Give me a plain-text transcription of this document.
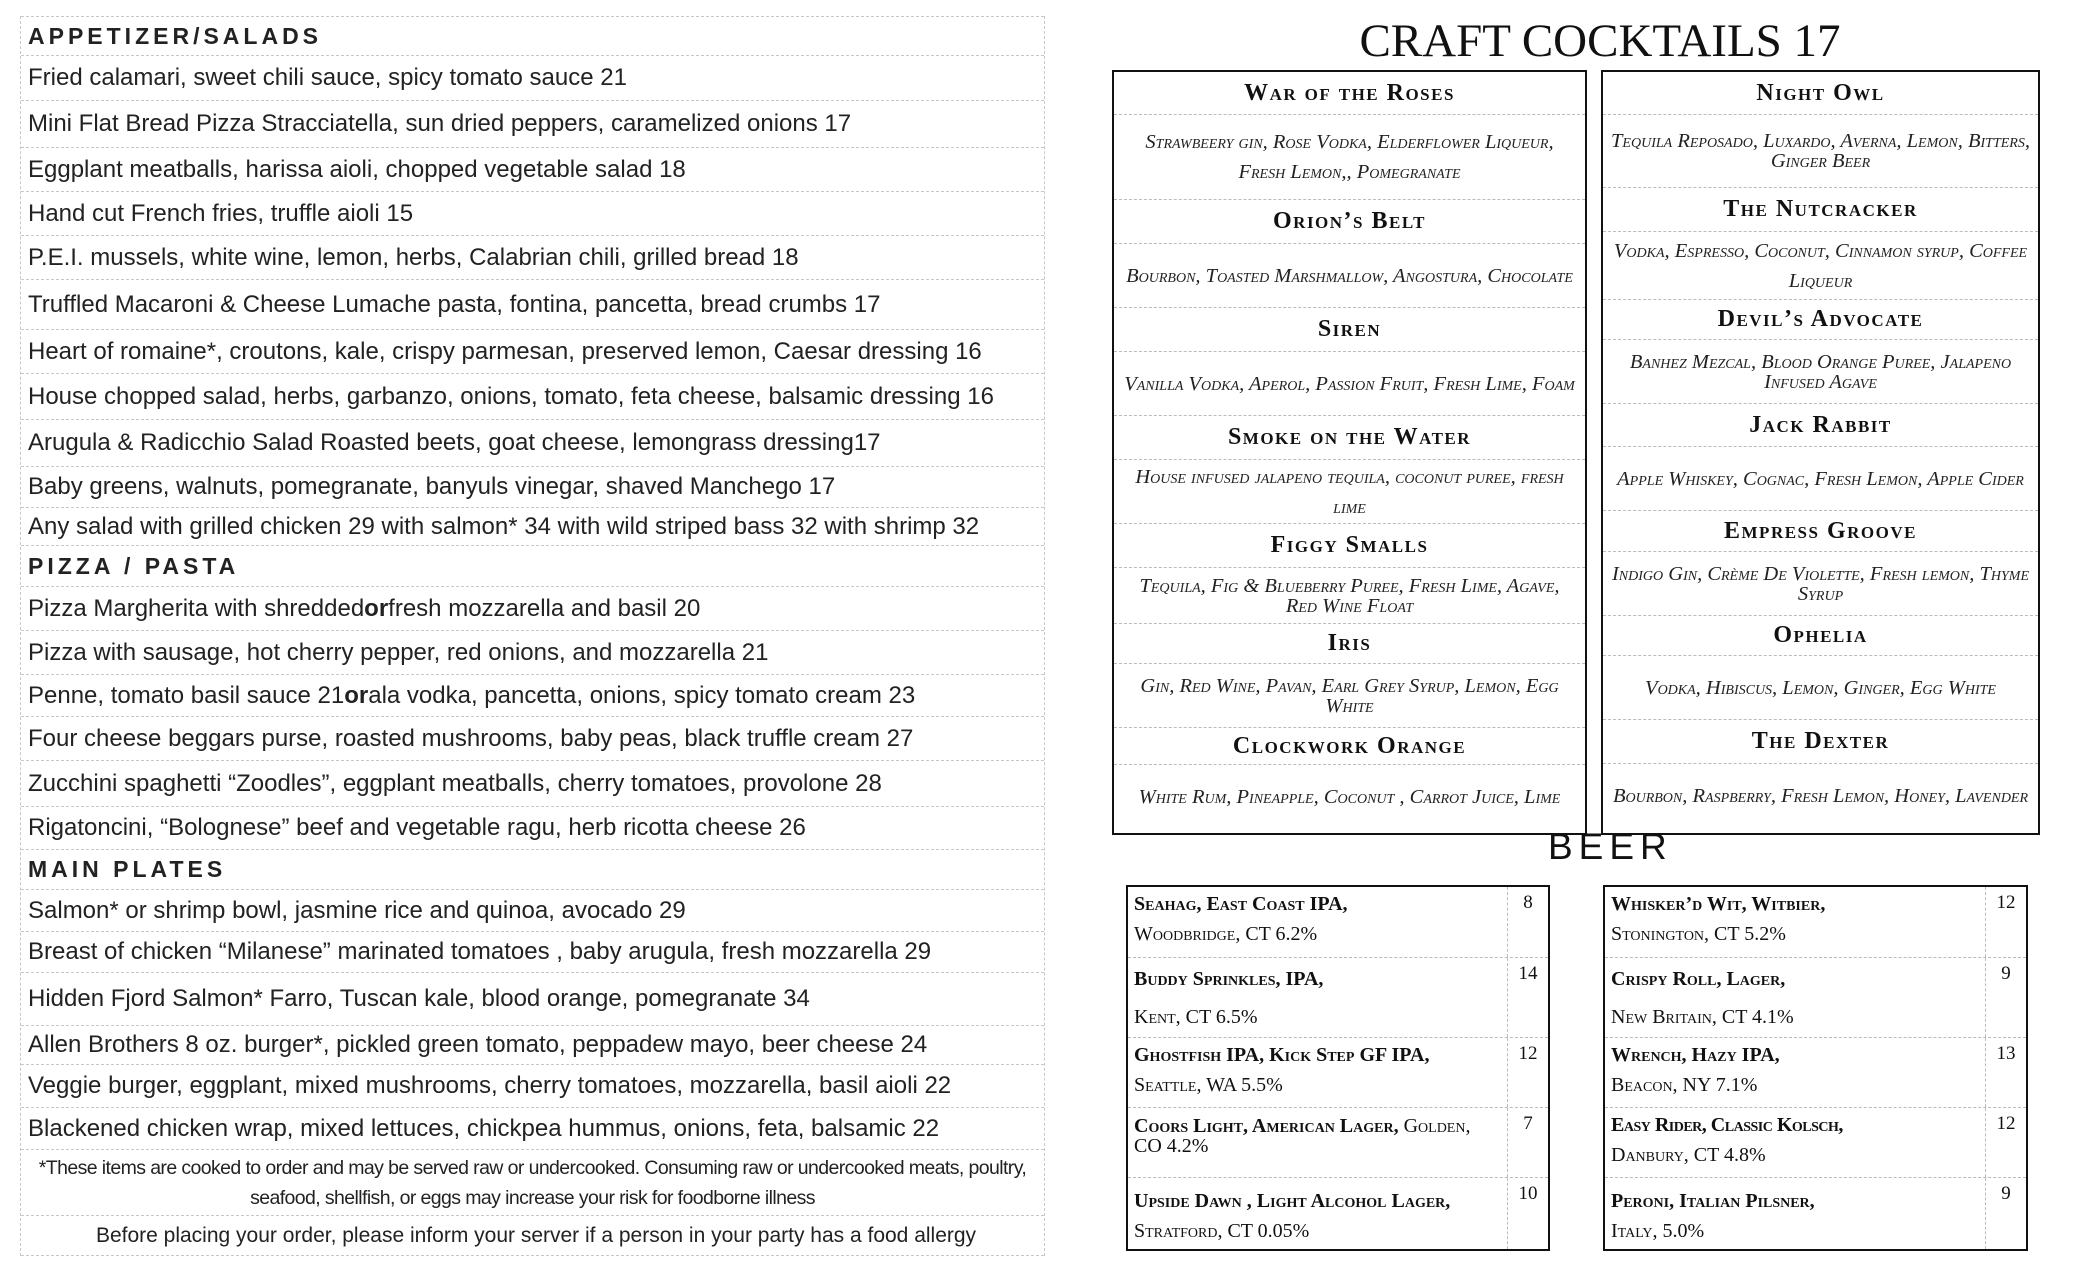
APPETIZER/SALADS
Fried calamari, sweet chili sauce, spicy tomato sauce 21
Mini Flat Bread Pizza Stracciatella, sun dried peppers, caramelized onions 17
Eggplant meatballs, harissa aioli, chopped vegetable salad 18
Hand cut French fries, truffle aioli 15
P.E.I. mussels, white wine, lemon, herbs, Calabrian chili, grilled bread 18
Truffled Macaroni & Cheese Lumache pasta, fontina, pancetta, bread crumbs 17
Heart of romaine*, croutons, kale, crispy parmesan, preserved lemon, Caesar dressing 16
House chopped salad, herbs, garbanzo, onions, tomato, feta cheese, balsamic dressing 16
Arugula & Radicchio Salad Roasted beets, goat cheese, lemongrass dressing17
Baby greens, walnuts, pomegranate, banyuls vinegar, shaved Manchego 17
Any salad with grilled chicken 29 with salmon* 34 with wild striped bass 32 with shrimp 32
PIZZA / PASTA
Pizza Margherita with shredded or fresh mozzarella and basil 20
Pizza with sausage, hot cherry pepper, red onions, and mozzarella 21
Penne, tomato basil sauce 21 or ala vodka, pancetta, onions, spicy tomato cream 23
Four cheese beggars purse, roasted mushrooms, baby peas, black truffle cream 27
Zucchini spaghetti “Zoodles”, eggplant meatballs, cherry tomatoes, provolone 28
Rigatoncini, “Bolognese” beef and vegetable ragu, herb ricotta cheese 26
MAIN PLATES
Salmon* or shrimp bowl, jasmine rice and quinoa, avocado 29
Breast of chicken “Milanese” marinated tomatoes , baby arugula, fresh mozzarella 29
Hidden Fjord Salmon* Farro, Tuscan kale, blood orange, pomegranate 34
Allen Brothers 8 oz. burger*, pickled green tomato, peppadew mayo, beer cheese 24
Veggie burger, eggplant, mixed mushrooms, cherry tomatoes, mozzarella, basil aioli 22
Blackened chicken wrap, mixed lettuces, chickpea hummus, onions, feta, balsamic 22
*These items are cooked to order and may be served raw or undercooked. Consuming raw or undercooked meats, poultry, seafood, shellfish, or eggs may increase your risk for foodborne illness
Before placing your order, please inform your server if a person in your party has a food allergy
CRAFT COCKTAILS 17
War of the Roses
Strawbeery gin, Rose Vodka, Elderflower Liqueur, Fresh Lemon,, Pomegranate
Orion’s Belt
Bourbon, Toasted Marshmallow, Angostura, Chocolate
Siren
Vanilla Vodka, Aperol, Passion Fruit, Fresh Lime, Foam
Smoke on the Water
House infused jalapeno tequila, coconut puree, fresh lime
Figgy Smalls
Tequila, Fig & Blueberry Puree, Fresh Lime, Agave, Red Wine Float
Iris
Gin, Red Wine, Pavan, Earl Grey Syrup, Lemon, Egg White
Clockwork Orange
White Rum, Pineapple, Coconut , Carrot Juice, Lime
Night Owl
Tequila Reposado, Luxardo, Averna, Lemon, Bitters, Ginger Beer
The Nutcracker
Vodka, Espresso, Coconut, Cinnamon syrup, Coffee Liqueur
Devil’s Advocate
Banhez Mezcal, Blood Orange Puree, Jalapeno Infused Agave
Jack Rabbit
Apple Whiskey, Cognac, Fresh Lemon, Apple Cider
Empress Groove
Indigo Gin, Crème De Violette, Fresh lemon, Thyme Syrup
Ophelia
Vodka, Hibiscus, Lemon, Ginger, Egg White
The Dexter
Bourbon, Raspberry, Fresh Lemon, Honey, Lavender
BEER
Seahag, East Coast IPA,
Woodbridge, CT 6.2%
8
Buddy Sprinkles, IPA,
Kent, CT 6.5%
14
Ghostfish IPA, Kick Step GF IPA,
Seattle, WA 5.5%
12
Coors Light, American Lager, Golden, CO 4.2%
7
Upside Dawn , Light Alcohol Lager,
Stratford, CT 0.05%
10
Whisker’d Wit, Witbier,
Stonington, CT 5.2%
12
Crispy Roll, Lager,
New Britain, CT 4.1%
9
Wrench, Hazy IPA,
Beacon, NY 7.1%
13
Easy Rider, Classic Kolsch,
Danbury, CT 4.8%
12
Peroni, Italian Pilsner,
Italy, 5.0%
9
